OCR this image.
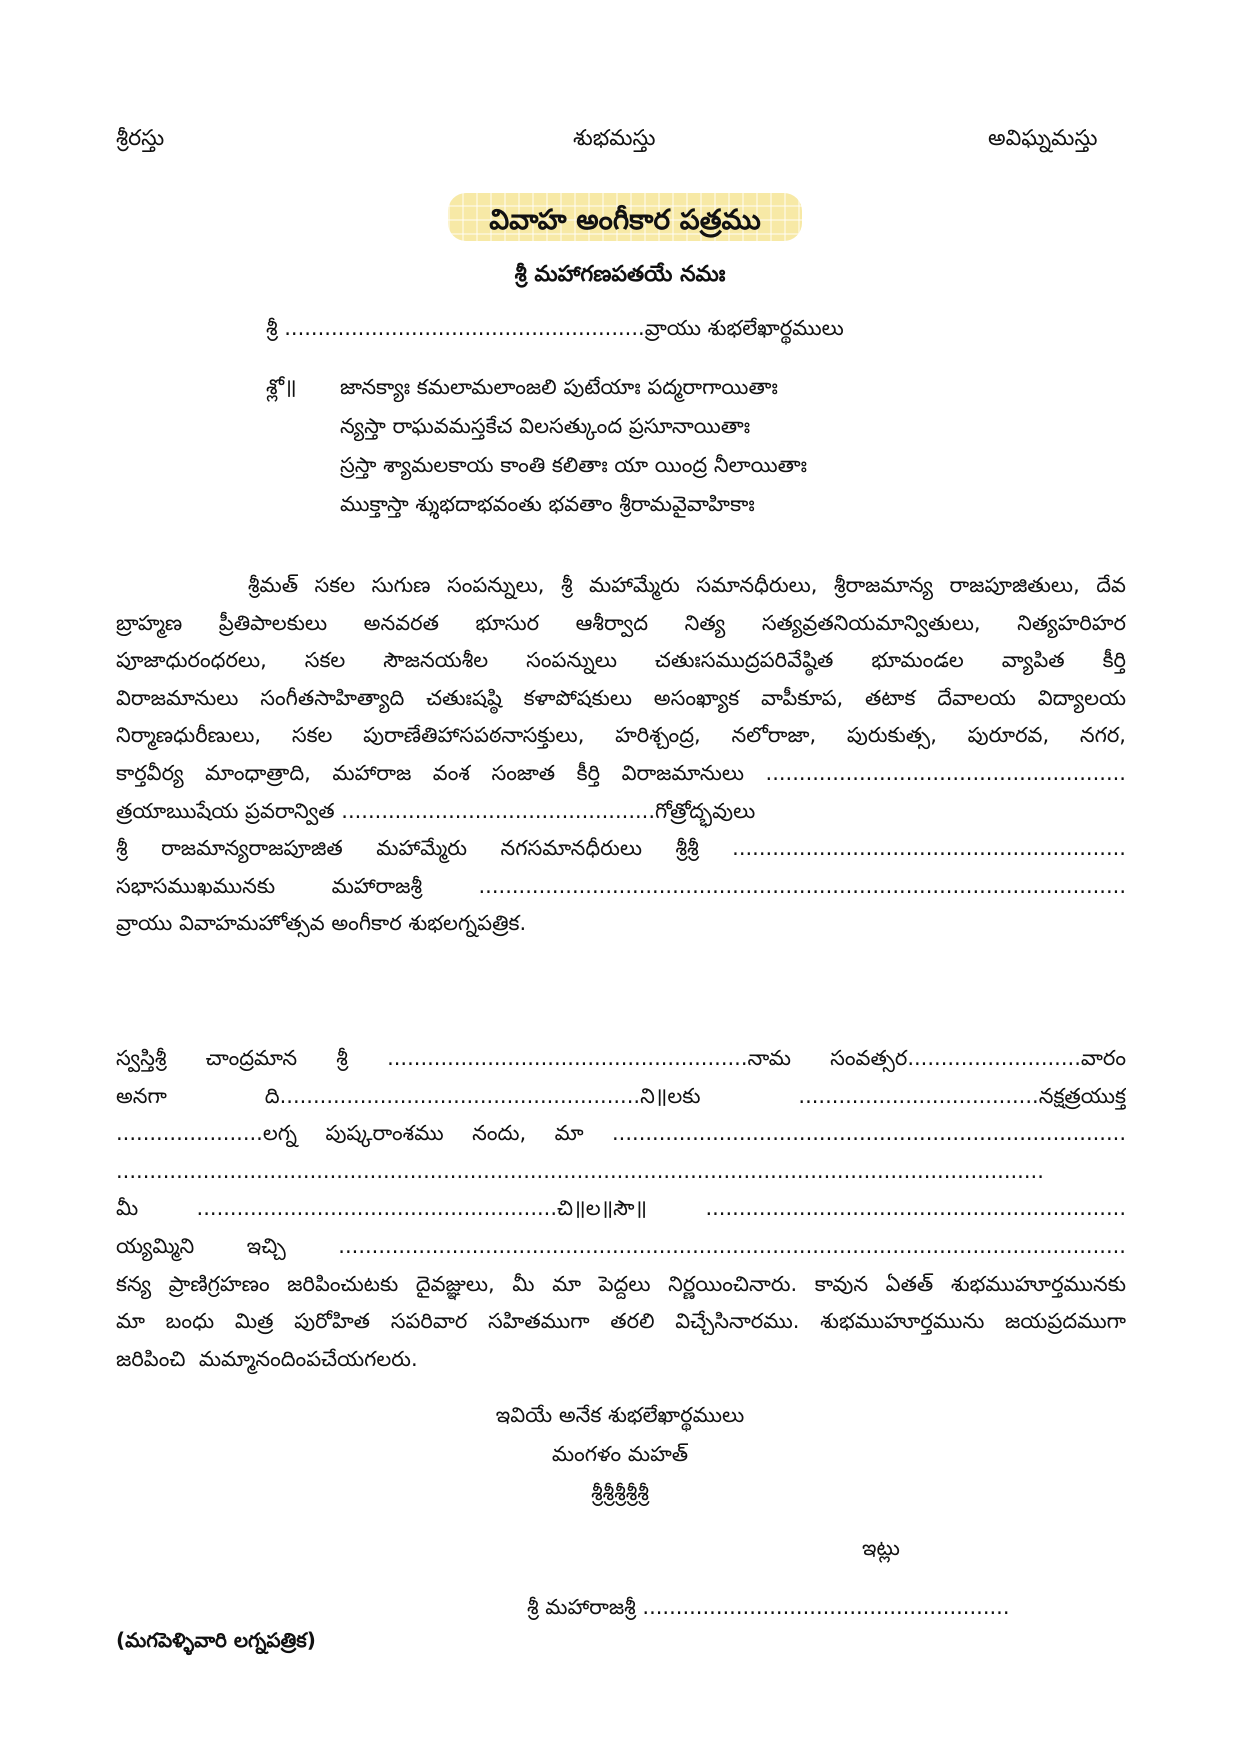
శ్రీరస్తు	శుభమస్తు	అవిఘ్నమస్తు
వివాహ అంగీకార పత్రము
శ్రీ మహాగణపతయే నమః
శ్రీ ......................................................వ్రాయు శుభలేఖార్థములు
శ్లో॥ జానక్యాః కమలామలాంజలి పుటేయాః పద్మరాగాయితాః
న్యస్తా రాఘవమస్తకేచ విలసత్కుంద ప్రసూనాయితాః
స్రస్తా శ్యామలకాయ కాంతి కలితాః యా యింద్ర నీలాయితాః
ముక్తాస్తా శ్శుభదాభవంతు భవతాం శ్రీరామవైవాహికాః
శ్రీమత్ సకల సుగుణ సంపన్నులు, శ్రీ మహామ్మేరు సమానధీరులు, శ్రీరాజమాన్య రాజపూజితులు, దేవ
బ్రాహ్మణ ప్రీతిపాలకులు అనవరత భూసుర ఆశీర్వాద నిత్య సత్యవ్రతనియమాన్వితులు, నిత్యహరిహర
పూజాధురంధరలు, సకల సౌజనయశీల సంపన్నులు చతుఃసముద్రపరివేష్ఠిత భూమండల వ్యాపిత కీర్తి
విరాజమానులు సంగీతసాహిత్యాది చతుఃషష్ఠి కళాపోషకులు అసంఖ్యాక వాపీకూప, తటాక దేవాలయ విద్యాలయ
నిర్మాణధురీణులు, సకల పురాణేతిహాసపఠనాసక్తులు, హరిశ్చంద్ర, నలోరాజా, పురుకుత్స, పురూరవ, నగర,
కార్తవీర్య మాంధాత్రాది, మహారాజ వంశ సంజాత కీర్తి విరాజమానులు ......................................................
త్రయాఋషేయ ప్రవరాన్విత ...............................................గోత్రోద్భవులు
శ్రీ రాజమాన్యరాజపూజిత మహామ్మేరు నగసమానధీరులు శ్రీశ్రీ ...........................................................
సభాసముఖమునకు మహారాజశ్రీ .................................................................................................
వ్రాయు వివాహమహోత్సవ అంగీకార శుభలగ్నపత్రిక.
స్వస్తిశ్రీ చాంద్రమాన శ్రీ ......................................................నామ సంవత్సర..........................వారం
అనగా ది......................................................ని॥లకు ....................................నక్షత్రయుక్త
......................లగ్న పుష్కరాంశము నందు, మా .............................................................................
...........................................................................................................................................
మీ ......................................................చి॥ల॥సౌ॥ ...............................................................
య్యమ్మిని ఇచ్చి ......................................................................................................................
కన్య ప్రాణిగ్రహణం జరిపించుటకు దైవజ్ఞులు, మీ మా పెద్దలు నిర్ణయించినారు. కావున ఏతత్ శుభముహూర్తమునకు
మా బంధు మిత్ర పురోహిత సపరివార సహితముగా తరలి విచ్చేసినారము. శుభముహూర్తమును జయప్రదముగా
జరిపించి  మమ్మానందింపచేయగలరు.
ఇవియే అనేక శుభలేఖార్థములు
మంగళం మహత్
శ్రీశ్రీశ్రీశ్రీశ్రీ
ఇట్లు
శ్రీ మహారాజశ్రీ .......................................................
(మగపెళ్ళివారి లగ్నపత్రిక)
